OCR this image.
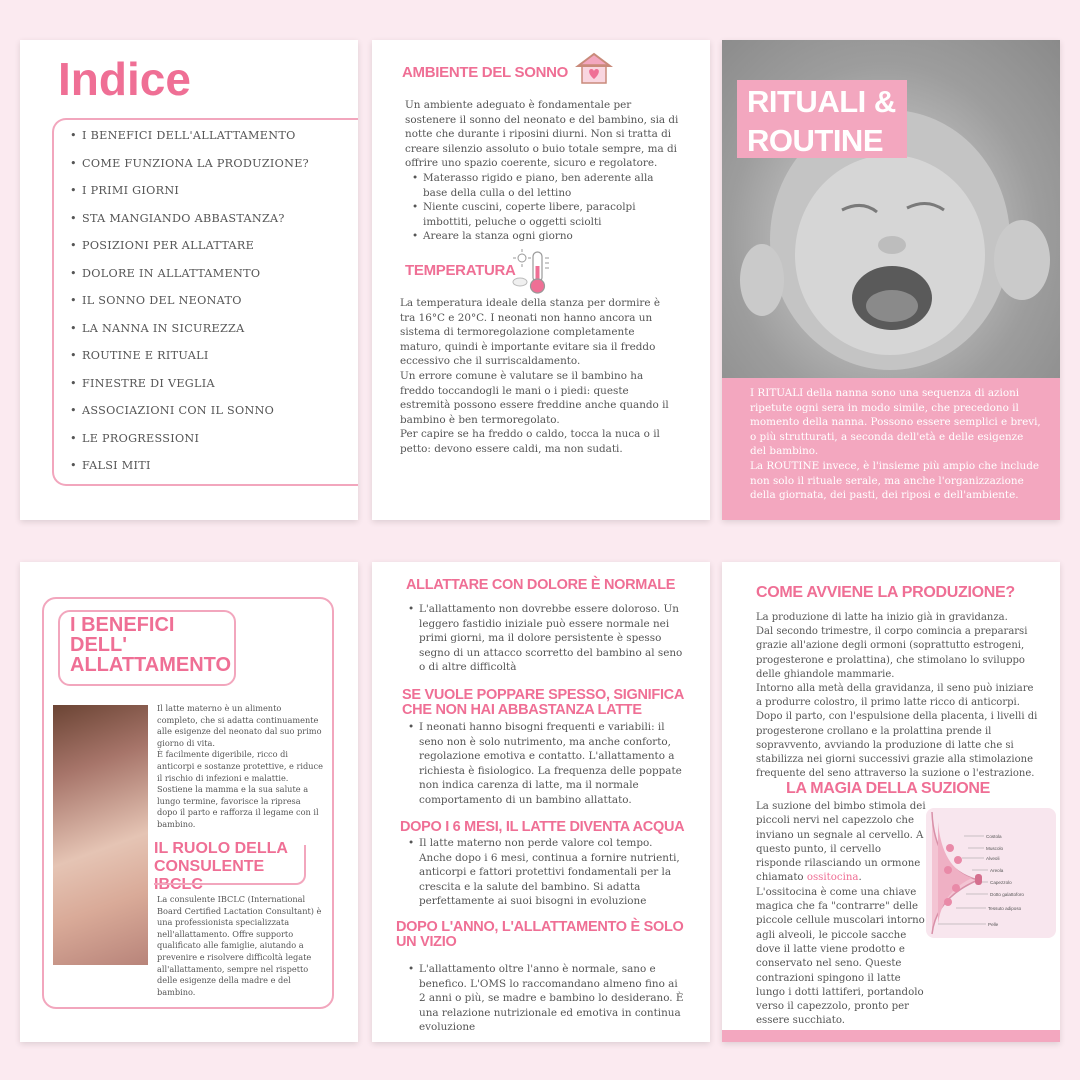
Indice
• I BENEFICI DELL'ALLATTAMENTO
• COME FUNZIONA LA PRODUZIONE?
• I PRIMI GIORNI
• STA MANGIANDO ABBASTANZA?
• POSIZIONI PER ALLATTARE
• DOLORE IN ALLATTAMENTO
• IL SONNO DEL NEONATO
• LA NANNA IN SICUREZZA
• ROUTINE E RITUALI
• FINESTRE DI VEGLIA
• ASSOCIAZIONI CON IL SONNO
• LE PROGRESSIONI
• FALSI MITI
AMBIENTE DEL SONNO

Un ambiente adeguato è fondamentale per sostenere il sonno del neonato e del bambino, sia di notte che durante i riposini diurni. Non si tratta di creare silenzio assoluto o buio totale sempre, ma di offrire uno spazio coerente, sicuro e regolatore.

• Materasso rigido e piano, ben aderente alla base della culla o del lettino
• Niente cuscini, coperte libere, paracolpi imbottiti, peluche o oggetti sciolti
• Areare la stanza ogni giorno
TEMPERATURA

La temperatura ideale della stanza per dormire è tra 16°C e 20°C. I neonati non hanno ancora un sistema di termoregolazione completamente maturo, quindi è importante evitare sia il freddo eccessivo che il surriscaldamento.

Un errore comune è valutare se il bambino ha freddo toccandogli le mani o i piedi: queste estremità possono essere freddine anche quando il bambino è ben termoregolato.

Per capire se ha freddo o caldo, tocca la nuca o il petto: devono essere caldi, ma non sudati.

RITUALI &
ROUTINE

I RITUALI della nanna sono una sequenza di azioni ripetute ogni sera in modo simile, che precedono il momento della nanna. Possono essere semplici e brevi, o più strutturati, a seconda dell'età e delle esigenze del bambino.

La ROUTINE invece, è l'insieme più ampio che include non solo il rituale serale, ma anche l'organizzazione della giornata, dei pasti, dei riposi e dell'ambiente.

I BENEFICI
DELL'
ALLATTAMENTO

Il latte materno è un alimento completo, che si adatta continuamente alle esigenze del neonato dal suo primo giorno di vita.

È facilmente digeribile, ricco di anticorpi e sostanze protettive, e riduce il rischio di infezioni e malattie.

Sostiene la mamma e la sua salute a lungo termine, favorisce la ripresa dopo il parto e rafforza il legame con il bambino.

IL RUOLO DELLA
CONSULENTE IBCLC

La consulente IBCLC (International Board Certified Lactation Consultant) è una professionista specializzata nell'allattamento. Offre supporto qualificato alle famiglie, aiutando a prevenire e risolvere difficoltà legate all'allattamento, sempre nel rispetto delle esigenze della madre e del bambino.

ALLATTARE CON DOLORE È NORMALE
• L'allattamento non dovrebbe essere doloroso. Un leggero fastidio iniziale può essere normale nei primi giorni, ma il dolore persistente è spesso segno di un attacco scorretto del bambino al seno o di altre difficoltà
SE VUOLE POPPARE SPESSO, SIGNIFICA CHE NON HAI ABBASTANZA LATTE
• I neonati hanno bisogni frequenti e variabili: il seno non è solo nutrimento, ma anche conforto, regolazione emotiva e contatto. L'allattamento a richiesta è fisiologico. La frequenza delle poppate non indica carenza di latte, ma il normale comportamento di un bambino allattato.
DOPO I 6 MESI, IL LATTE DIVENTA ACQUA
• Il latte materno non perde valore col tempo. Anche dopo i 6 mesi, continua a fornire nutrienti, anticorpi e fattori protettivi fondamentali per la crescita e la salute del bambino. Si adatta perfettamente ai suoi bisogni in evoluzione
DOPO L'ANNO, L'ALLATTAMENTO È SOLO UN VIZIO
• L'allattamento oltre l'anno è normale, sano e benefico. L'OMS lo raccomandano almeno fino ai 2 anni o più, se madre e bambino lo desiderano. È una relazione nutrizionale ed emotiva in continua evoluzione
COME AVVIENE LA PRODUZIONE?

La produzione di latte ha inizio già in gravidanza.

Dal secondo trimestre, il corpo comincia a prepararsi grazie all'azione degli ormoni (soprattutto estrogeni, progesterone e prolattina), che stimolano lo sviluppo delle ghiandole mammarie.

Intorno alla metà della gravidanza, il seno può iniziare a produrre colostro, il primo latte ricco di anticorpi. Dopo il parto, con l'espulsione della placenta, i livelli di progesterone crollano e la prolattina prende il sopravvento, avviando la produzione di latte che si stabilizza nei giorni successivi grazie alla stimolazione frequente del seno attraverso la suzione o l'estrazione.

LA MAGIA DELLA SUZIONE

La suzione del bimbo stimola dei piccoli nervi nel capezzolo che inviano un segnale al cervello. A questo punto, il cervello risponde rilasciando un ormone chiamato ossitocina.

L'ossitocina è come una chiave magica che fa "contrarre" delle piccole cellule muscolari intorno agli alveoli, le piccole sacche dove il latte viene prodotto e conservato nel seno. Queste contrazioni spingono il latte lungo i dotti lattiferi, portandolo verso il capezzolo, pronto per essere succhiato.

Costola
Muscolo
Alveoli
Areola
Capezzolo
Dotto galattoforo
Tessuto adiposo
Pelle
